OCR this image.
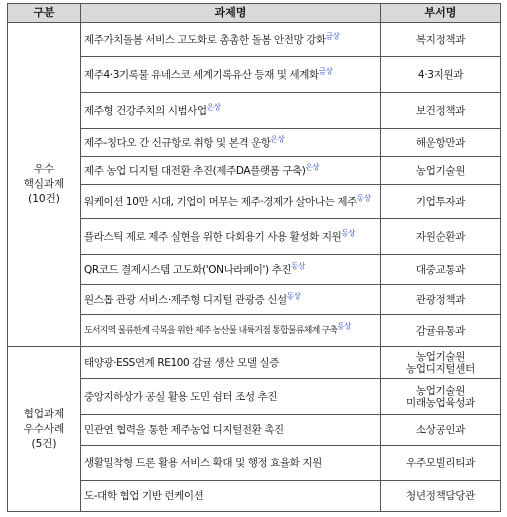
구분	과제명	부서명
우수
핵심과제
(10건)	제주가치돌봄 서비스 고도화로 촘촘한 돌봄 안전망 강화$^{금상}$	복지정책과
	제주4·3기록물 유네스코 세계기록유산 등재 및 세계화$^{금상}$	4·3지원과
	제주형 건강주치의 시범사업$^{은상}$	보건정책과
	제주-칭다오 간 신규항로 취항 및 본격 운항$^{은상}$	해운항만과
	제주 농업 디지털 대전환 추진(제주DA플랫폼 구축)$^{은상}$	농업기술원
	워케이션 10만 시대, 기업이 머무는 제주·경제가 살아나는 제주$^{동상}$	기업투자과
	플라스틱 제로 제주 실현을 위한 다회용기 사용 활성화 지원$^{동상}$	자원순환과
	QR코드 결제시스템 고도화('ON나라페이') 추진$^{동상}$	대중교통과
	원스톱 관광 서비스·제주형 디지털 관광증 신설$^{동상}$	관광정책과
	도서지역 물류한계 극복을 위한 제주 농산물 내륙거점 통합물류체계 구축$^{동상}$	감귤유통과
협업과제
우수사례
(5건)	태양광·ESS연계 RE100 감귤 생산 모델 실증	농업기술원
농업디지털센터
	중앙지하상가 공실 활용 도민 쉼터 조성 추진	농업기술원
미래농업육성과
	민관연 협력을 통한 제주농업 디지털전환 촉진	소상공인과
	생활밀착형 드론 활용 서비스 확대 및 행정 효율화 지원	우주모빌리티과
	도-대학 협업 기반 런케이션	청년정책담당관
